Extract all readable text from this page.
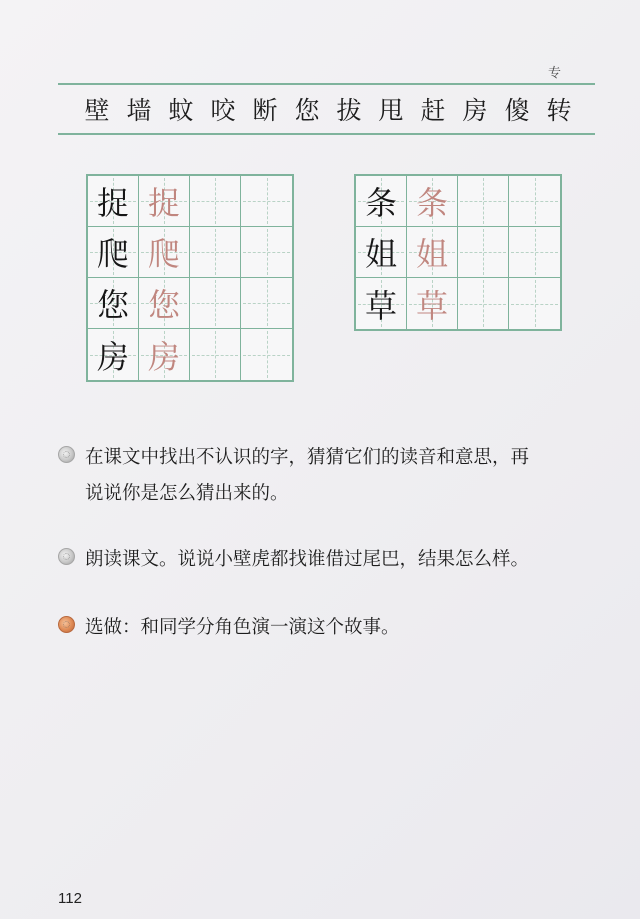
专
壁 墙 蚊 咬 断 您 拔 甩 赶 房 傻 转
捉 捉
爬 爬
您 您
房 房
条 条
姐 姐
草 草
在课文中找出不认识的字，猜猜它们的读音和意思，再
说说你是怎么猜出来的。
朗读课文。说说小壁虎都找谁借过尾巴，结果怎么样。
选做：和同学分角色演一演这个故事。
112
